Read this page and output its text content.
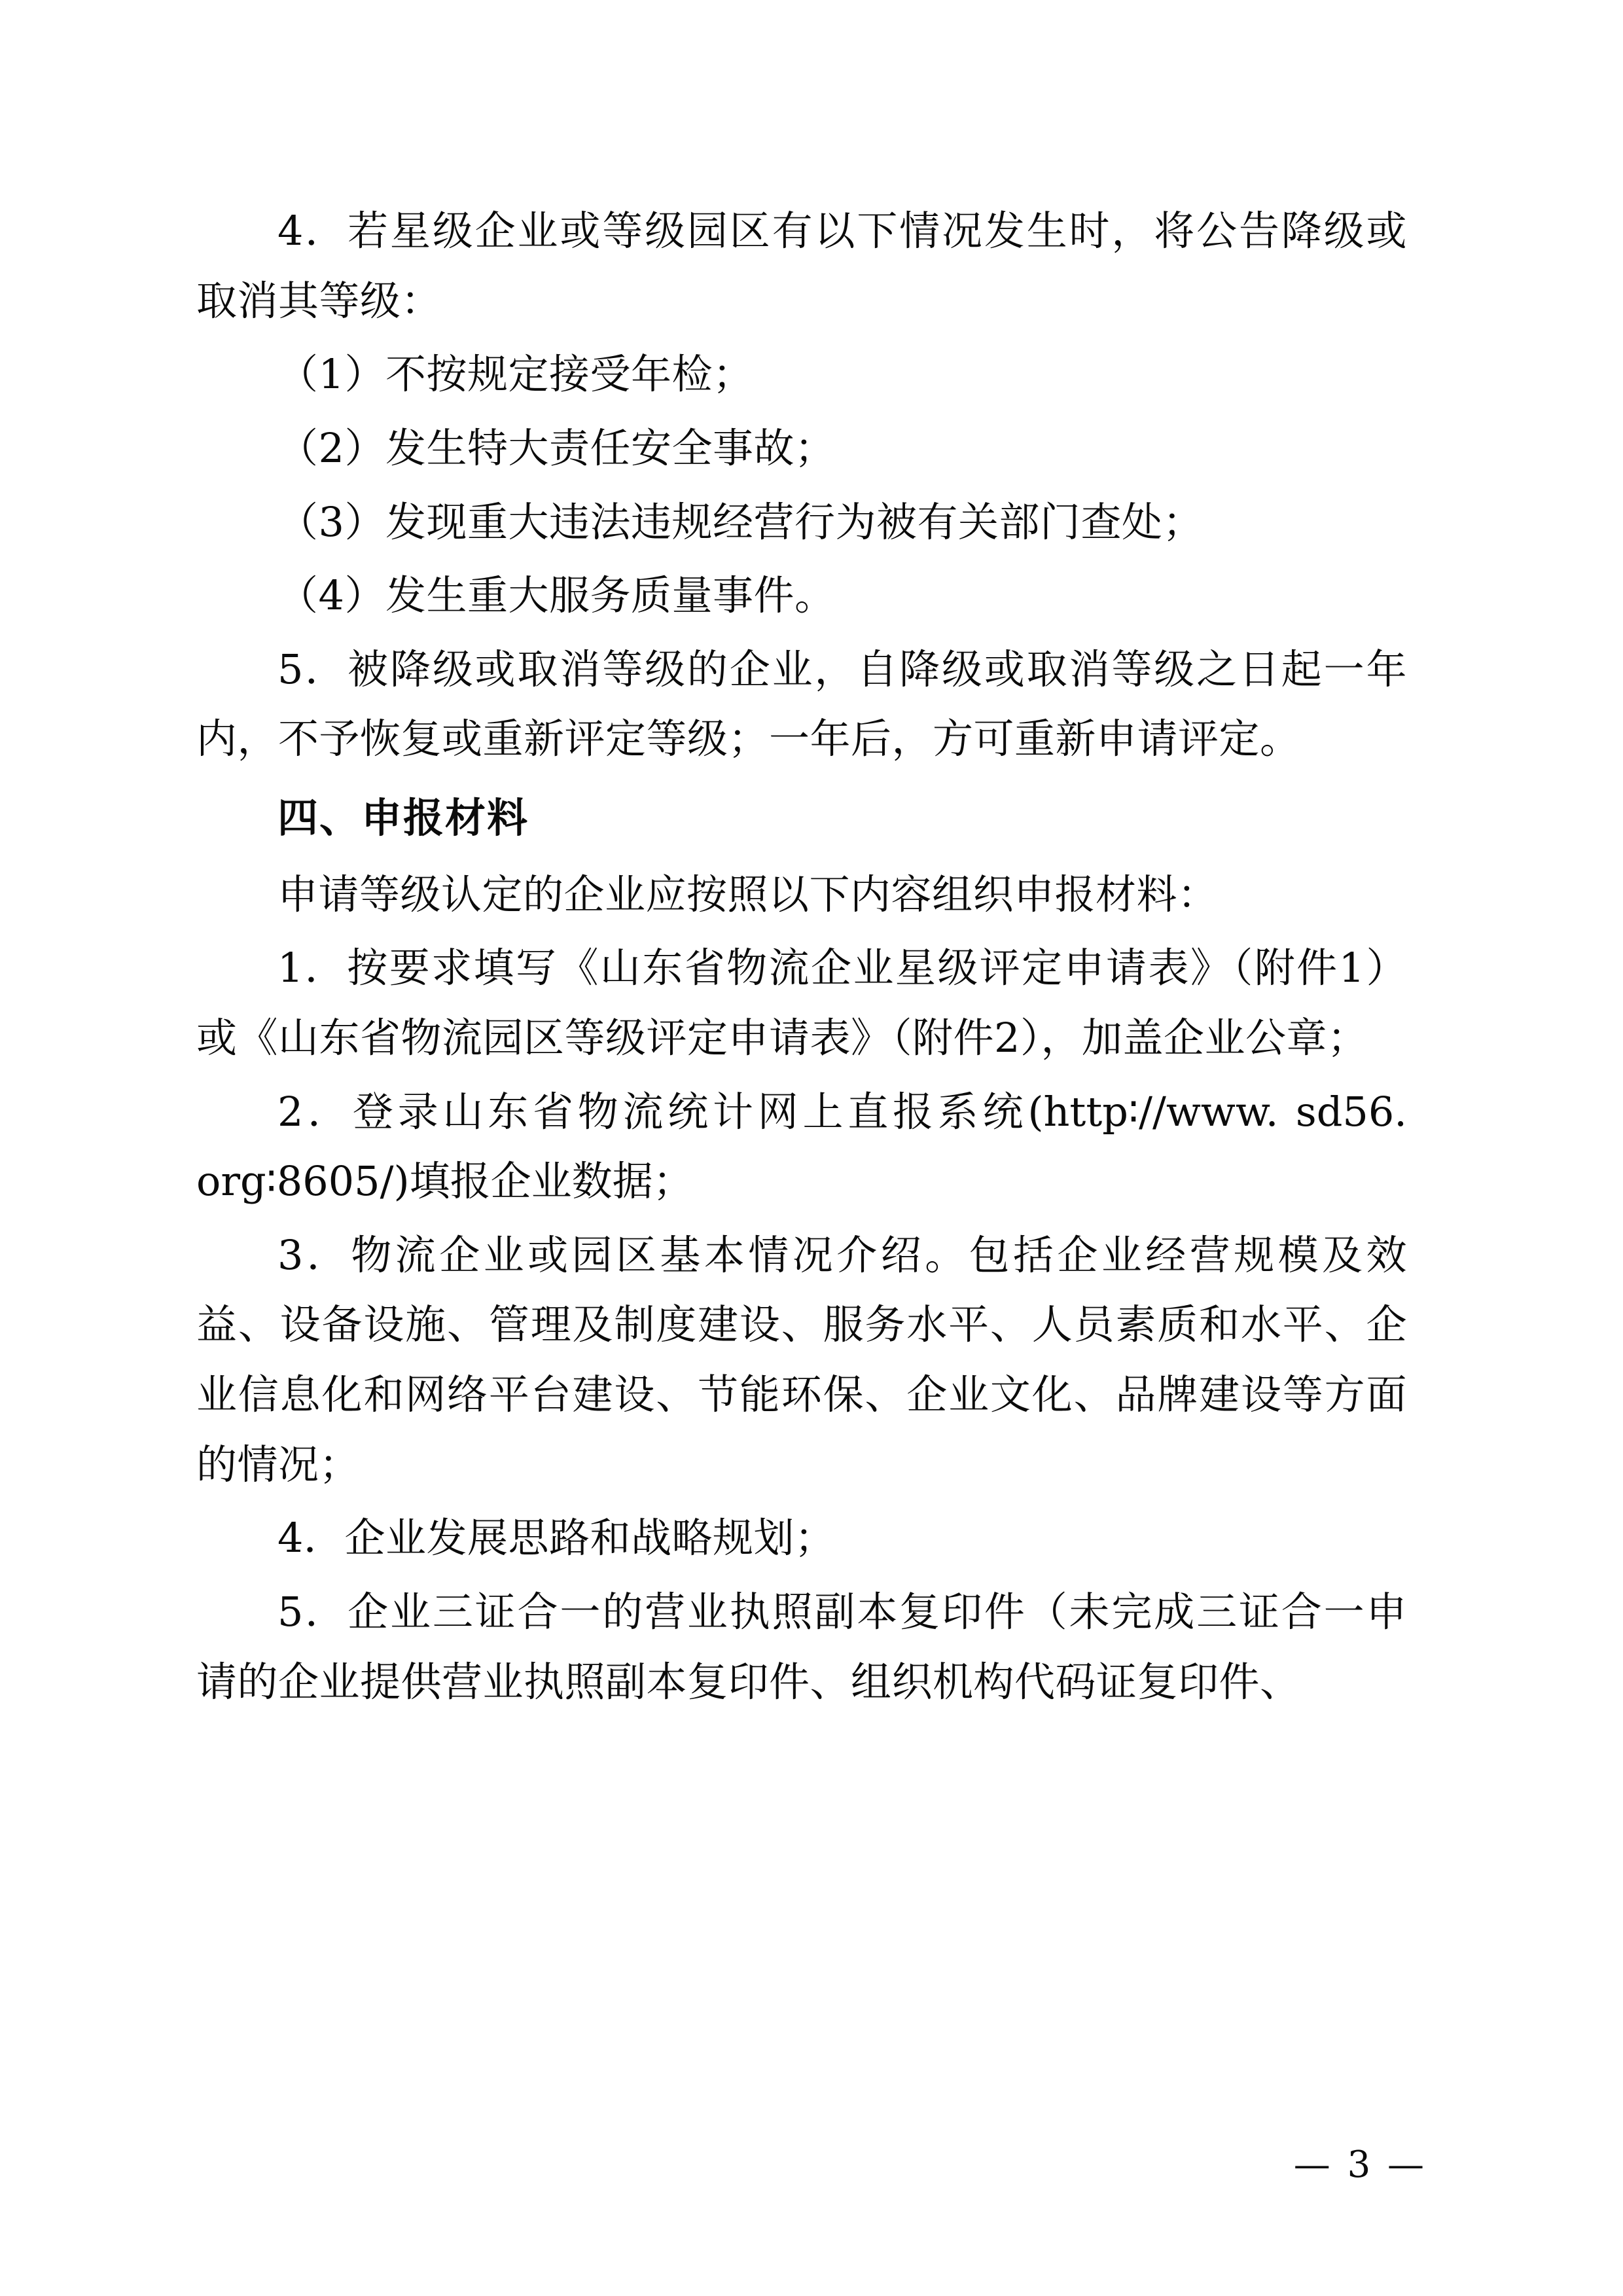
4．若星级企业或等级园区有以下情况发生时，将公告降级或取消其等级：

（1）不按规定接受年检；

（2）发生特大责任安全事故；

（3）发现重大违法违规经营行为被有关部门查处；

（4）发生重大服务质量事件。

5．被降级或取消等级的企业，自降级或取消等级之日起一年内，不予恢复或重新评定等级；一年后，方可重新申请评定。

四、申报材料

申请等级认定的企业应按照以下内容组织申报材料：

1．按要求填写《山东省物流企业星级评定申请表》（附件1）或《山东省物流园区等级评定申请表》（附件2），加盖企业公章；

2．登录山东省物流统计网上直报系统(http∶//www. sd56. org∶8605/)填报企业数据；

3．物流企业或园区基本情况介绍。包括企业经营规模及效益、设备设施、管理及制度建设、服务水平、人员素质和水平、企业信息化和网络平台建设、节能环保、企业文化、品牌建设等方面的情况；

4．企业发展思路和战略规划；

5．企业三证合一的营业执照副本复印件（未完成三证合一申请的企业提供营业执照副本复印件、组织机构代码证复印件、

— 3 —
